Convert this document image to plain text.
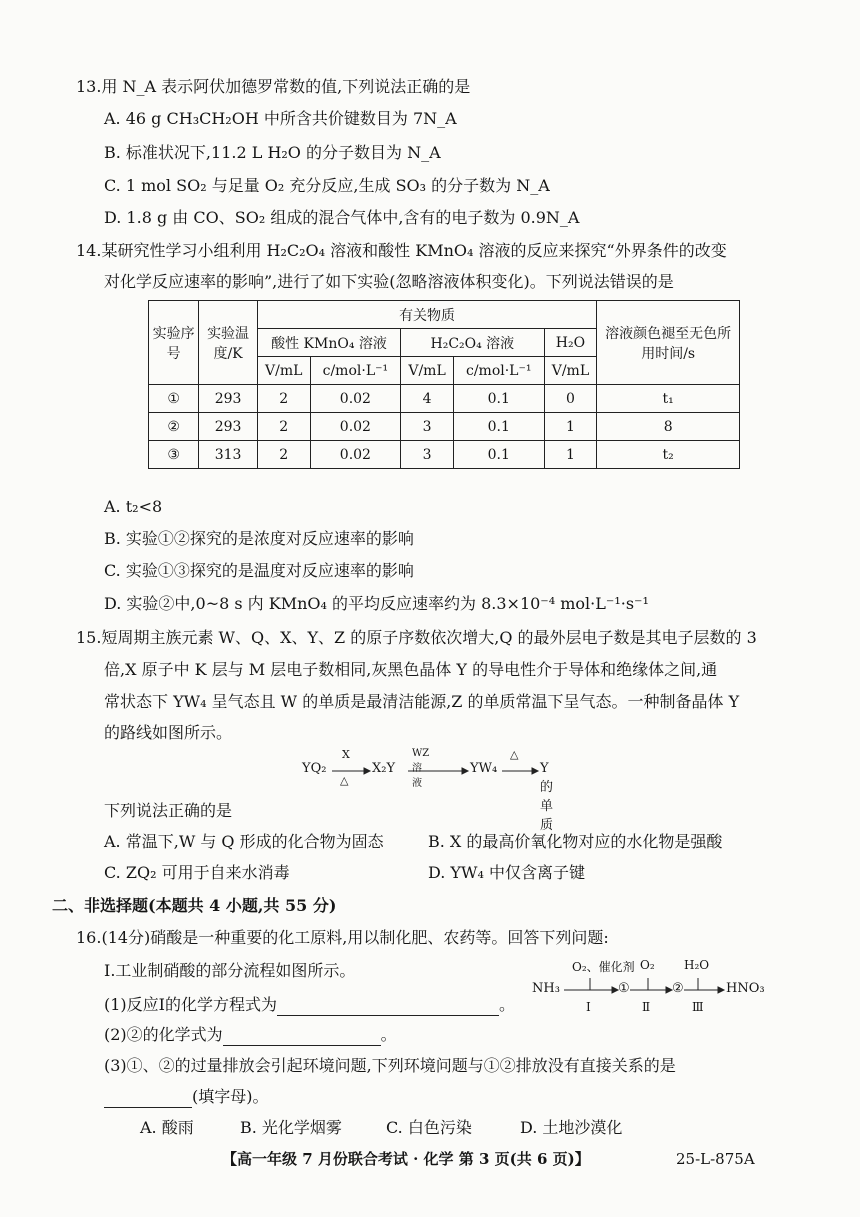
13.用 N_A 表示阿伏加德罗常数的值,下列说法正确的是
A. 46 g CH₃CH₂OH 中所含共价键数目为 7N_A
B. 标准状况下,11.2 L H₂O 的分子数目为 N_A
C. 1 mol SO₂ 与足量 O₂ 充分反应,生成 SO₃ 的分子数为 N_A
D. 1.8 g 由 CO、SO₂ 组成的混合气体中,含有的电子数为 0.9N_A
14.某研究性学习小组利用 H₂C₂O₄ 溶液和酸性 KMnO₄ 溶液的反应来探究“外界条件的改变
对化学反应速率的影响”,进行了如下实验(忽略溶液体积变化)。下列说法错误的是
实验序号	实验温度/K	有关物质					溶液颜色褪至无色所用时间/s
		酸性 KMnO₄ 溶液		H₂C₂O₄ 溶液		H₂O	
		V/mL	c/mol·L⁻¹	V/mL	c/mol·L⁻¹	V/mL	
①	293	2	0.02	4	0.1	0	t₁
②	293	2	0.02	3	0.1	1	8
③	313	2	0.02	3	0.1	1	t₂
A. t₂<8
B. 实验①②探究的是浓度对反应速率的影响
C. 实验①③探究的是温度对反应速率的影响
D. 实验②中,0~8 s 内 KMnO₄ 的平均反应速率约为 8.3×10⁻⁴ mol·L⁻¹·s⁻¹
15.短周期主族元素 W、Q、X、Y、Z 的原子序数依次增大,Q 的最外层电子数是其电子层数的 3
倍,X 原子中 K 层与 M 层电子数相同,灰黑色晶体 Y 的导电性介于导体和绝缘体之间,通
常状态下 YW₄ 呈气态且 W 的单质是最清洁能源,Z 的单质常温下呈气态。一种制备晶体 Y
的路线如图所示。
YQ₂
X
△
X₂Y
WZ溶液
YW₄
△
Y 的单质
下列说法正确的是
A. 常温下,W 与 Q 形成的化合物为固态	B. X 的最高价氧化物对应的水化物是强酸
C. ZQ₂ 可用于自来水消毒	D. YW₄ 中仅含离子键
二、非选择题(本题共 4 小题,共 55 分)
16.(14分)硝酸是一种重要的化工原料,用以制化肥、农药等。回答下列问题:
Ⅰ.工业制硝酸的部分流程如图所示。
(1)反应Ⅰ的化学方程式为	。
(2)②的化学式为	。
O₂、催化剂 O₂ H₂O
NH₃	①	②	HNO₃
Ⅰ	Ⅱ	Ⅲ
(3)①、②的过量排放会引起环境问题,下列环境问题与①②排放没有直接关系的是
(填字母)。
A. 酸雨	B. 光化学烟雾	C. 白色污染	D. 土地沙漠化
【高一年级 7 月份联合考试 · 化学 第 3 页(共 6 页)】	25-L-875A
